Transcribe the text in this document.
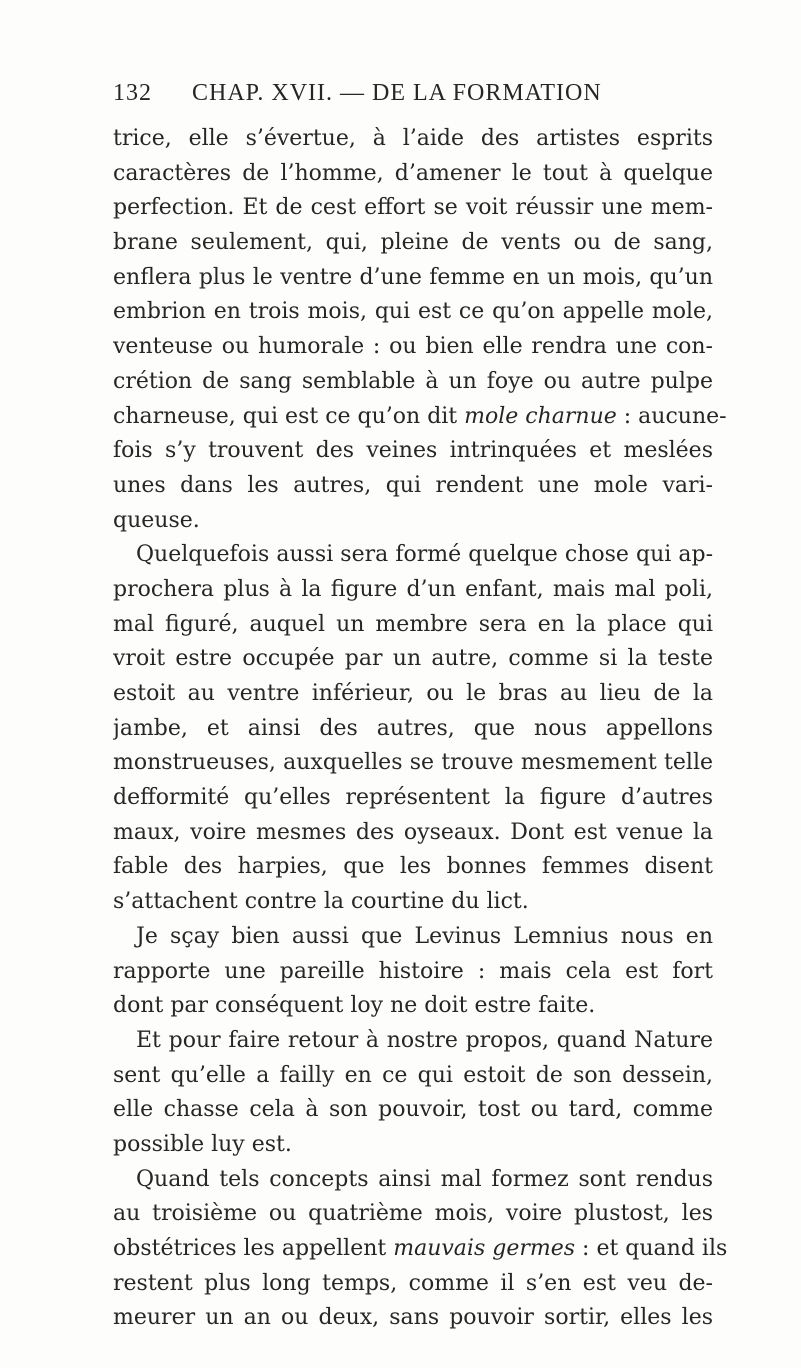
132 CHAP. XVII. — DE LA FORMATION
trice, elle s’évertue, à l’aide des artistes esprits
caractères de l’homme, d’amener le tout à quelque
perfection. Et de cest effort se voit réussir une mem-
brane seulement, qui, pleine de vents ou de sang,
enflera plus le ventre d’une femme en un mois, qu’un
embrion en trois mois, qui est ce qu’on appelle mole,
venteuse ou humorale : ou bien elle rendra une con-
crétion de sang semblable à un foye ou autre pulpe
charneuse, qui est ce qu’on dit mole charnue : aucune-
fois s’y trouvent des veines intrinquées et meslées
unes dans les autres, qui rendent une mole vari-
queuse.
Quelquefois aussi sera formé quelque chose qui ap-
prochera plus à la figure d’un enfant, mais mal poli,
mal figuré, auquel un membre sera en la place qui
vroit estre occupée par un autre, comme si la teste
estoit au ventre inférieur, ou le bras au lieu de la
jambe, et ainsi des autres, que nous appellons
monstrueuses, auxquelles se trouve mesmement telle
defformité qu’elles représentent la figure d’autres
maux, voire mesmes des oyseaux. Dont est venue la
fable des harpies, que les bonnes femmes disent
s’attachent contre la courtine du lict.
Je sçay bien aussi que Levinus Lemnius nous en
rapporte une pareille histoire : mais cela est fort
dont par conséquent loy ne doit estre faite.
Et pour faire retour à nostre propos, quand Nature
sent qu’elle a failly en ce qui estoit de son dessein,
elle chasse cela à son pouvoir, tost ou tard, comme
possible luy est.
Quand tels concepts ainsi mal formez sont rendus
au troisième ou quatrième mois, voire plustost, les
obstétrices les appellent mauvais germes : et quand ils
restent plus long temps, comme il s’en est veu de-
meurer un an ou deux, sans pouvoir sortir, elles les
